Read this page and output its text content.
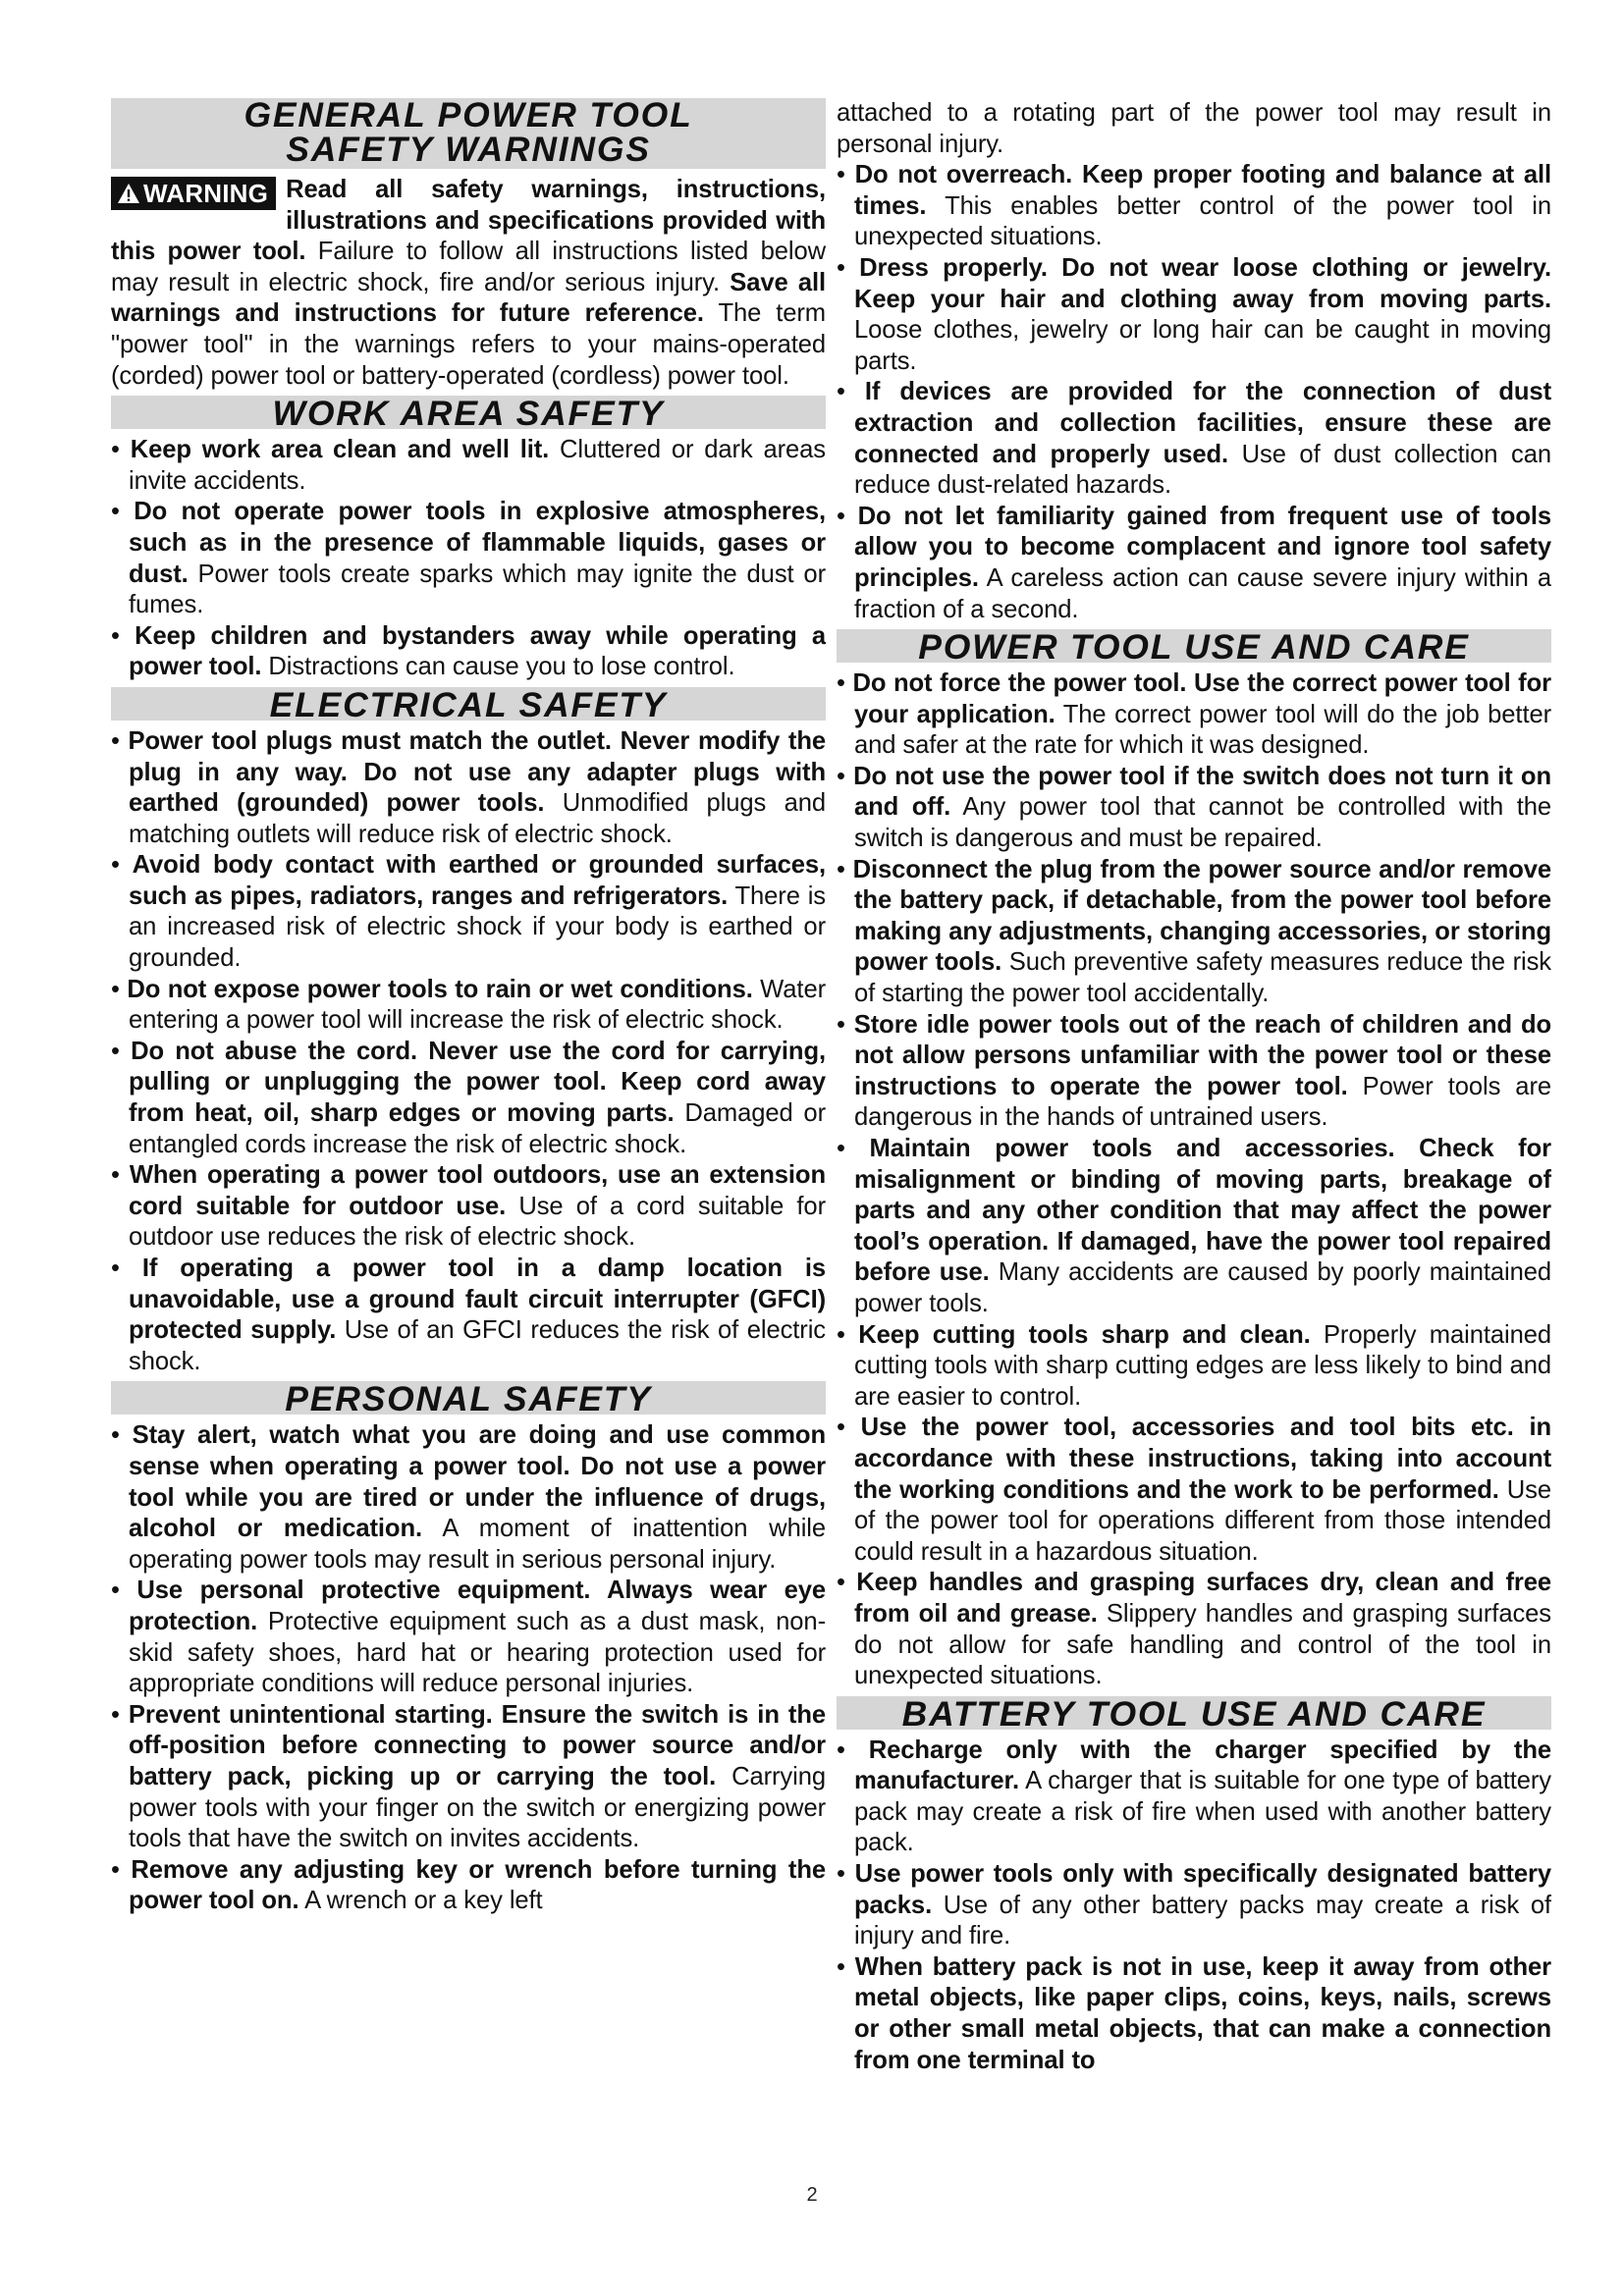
GENERAL POWER TOOL
SAFETY WARNINGS

WARNING Read all safety warnings, instructions, illustrations and specifications provided with this power tool. Failure to follow all instructions listed below may result in electric shock, fire and/or serious injury. Save all warnings and instructions for future reference. The term "power tool" in the warnings refers to your mains-operated (corded) power tool or battery-operated (cordless) power tool.

WORK AREA SAFETY

• Keep work area clean and well lit. Cluttered or dark areas invite accidents.

• Do not operate power tools in explosive atmospheres, such as in the presence of flammable liquids, gases or dust. Power tools create sparks which may ignite the dust or fumes.

• Keep children and bystanders away while operating a power tool. Distractions can cause you to lose control.

ELECTRICAL SAFETY

• Power tool plugs must match the outlet. Never modify the plug in any way. Do not use any adapter plugs with earthed (grounded) power tools. Unmodified plugs and matching outlets will reduce risk of electric shock.

• Avoid body contact with earthed or grounded surfaces, such as pipes, radiators, ranges and refrigerators. There is an increased risk of electric shock if your body is earthed or grounded.

• Do not expose power tools to rain or wet conditions. Water entering a power tool will increase the risk of electric shock.

• Do not abuse the cord. Never use the cord for carrying, pulling or unplugging the power tool. Keep cord away from heat, oil, sharp edges or moving parts. Damaged or entangled cords increase the risk of electric shock.

• When operating a power tool outdoors, use an extension cord suitable for outdoor use. Use of a cord suitable for outdoor use reduces the risk of electric shock.

• If operating a power tool in a damp location is unavoidable, use a ground fault circuit interrupter (GFCI) protected supply. Use of an GFCI reduces the risk of electric shock.

PERSONAL SAFETY

• Stay alert, watch what you are doing and use common sense when operating a power tool. Do not use a power tool while you are tired or under the influence of drugs, alcohol or medication. A moment of inattention while operating power tools may result in serious personal injury.

• Use personal protective equipment. Always wear eye protection. Protective equipment such as a dust mask, non-skid safety shoes, hard hat or hearing protection used for appropriate conditions will reduce personal injuries.

• Prevent unintentional starting. Ensure the switch is in the off-position before connecting to power source and/or battery pack, picking up or carrying the tool. Carrying power tools with your finger on the switch or energizing power tools that have the switch on invites accidents.

• Remove any adjusting key or wrench before turning the power tool on. A wrench or a key left

attached to a rotating part of the power tool may result in personal injury.

• Do not overreach. Keep proper footing and balance at all times. This enables better control of the power tool in unexpected situations.

• Dress properly. Do not wear loose clothing or jewelry. Keep your hair and clothing away from moving parts. Loose clothes, jewelry or long hair can be caught in moving parts.

• If devices are provided for the connection of dust extraction and collection facilities, ensure these are connected and properly used. Use of dust collection can reduce dust-related hazards.

• Do not let familiarity gained from frequent use of tools allow you to become complacent and ignore tool safety principles. A careless action can cause severe injury within a fraction of a second.

POWER TOOL USE AND CARE

• Do not force the power tool. Use the correct power tool for your application. The correct power tool will do the job better and safer at the rate for which it was designed.

• Do not use the power tool if the switch does not turn it on and off. Any power tool that cannot be controlled with the switch is dangerous and must be repaired.

• Disconnect the plug from the power source and/or remove the battery pack, if detachable, from the power tool before making any adjustments, changing accessories, or storing power tools. Such preventive safety measures reduce the risk of starting the power tool accidentally.

• Store idle power tools out of the reach of children and do not allow persons unfamiliar with the power tool or these instructions to operate the power tool. Power tools are dangerous in the hands of untrained users.

• Maintain power tools and accessories. Check for misalignment or binding of moving parts, breakage of parts and any other condition that may affect the power tool’s operation. If damaged, have the power tool repaired before use. Many accidents are caused by poorly maintained power tools.

• Keep cutting tools sharp and clean. Properly maintained cutting tools with sharp cutting edges are less likely to bind and are easier to control.

• Use the power tool, accessories and tool bits etc. in accordance with these instructions, taking into account the working conditions and the work to be performed. Use of the power tool for operations different from those intended could result in a hazardous situation.

• Keep handles and grasping surfaces dry, clean and free from oil and grease. Slippery handles and grasping surfaces do not allow for safe handling and control of the tool in unexpected situations.

BATTERY TOOL USE AND CARE

• Recharge only with the charger specified by the manufacturer. A charger that is suitable for one type of battery pack may create a risk of fire when used with another battery pack.

• Use power tools only with specifically designated battery packs. Use of any other battery packs may create a risk of injury and fire.

• When battery pack is not in use, keep it away from other metal objects, like paper clips, coins, keys, nails, screws or other small metal objects, that can make a connection from one terminal to

2
